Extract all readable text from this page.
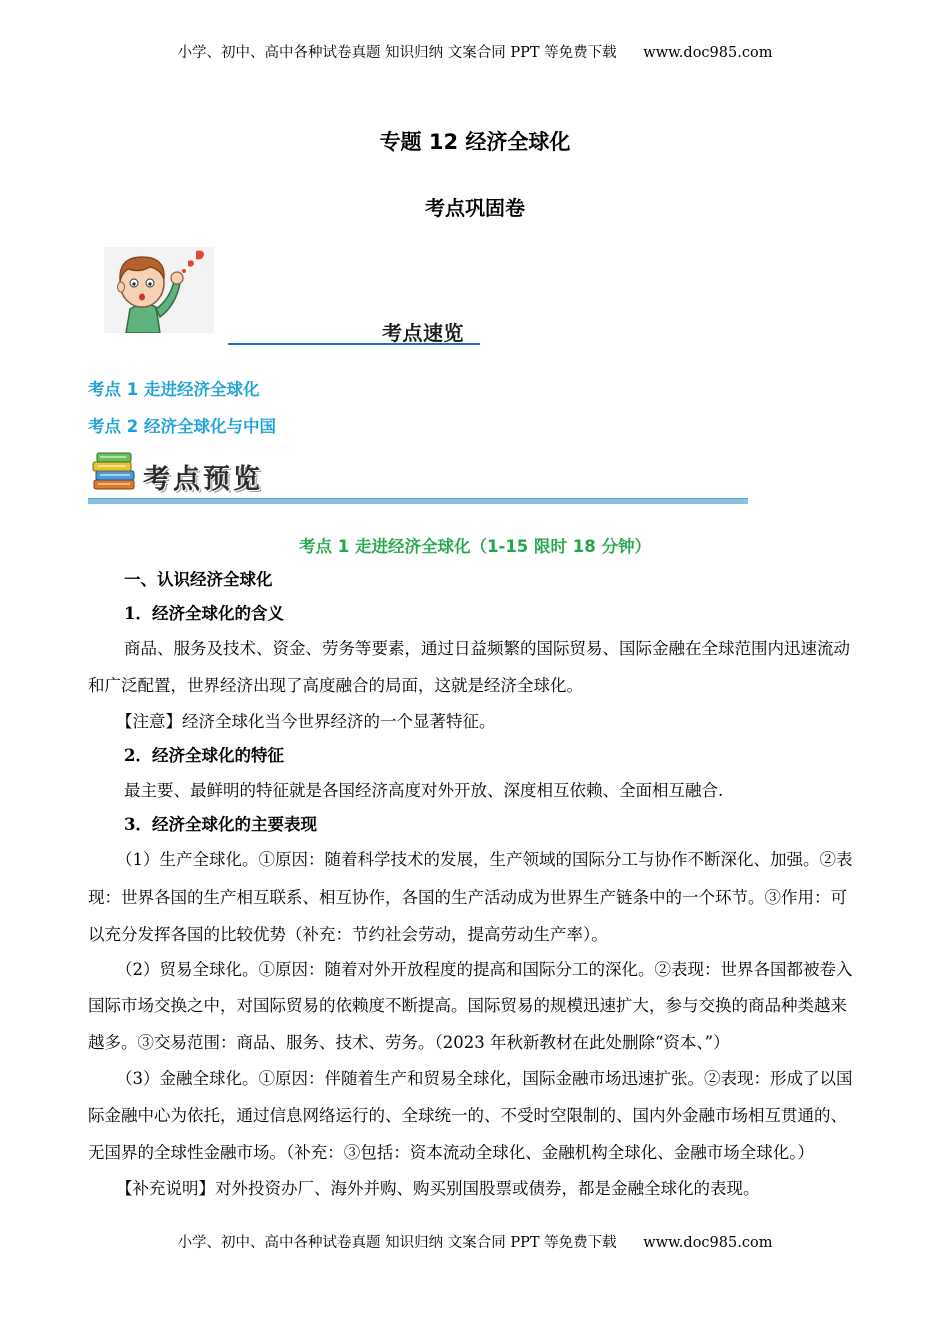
小学、初中、高中各种试卷真题 知识归纳 文案合同 PPT 等免费下载 www.doc985.com
专题 12 经济全球化
考点巩固卷
考点速览
考点 1 走进经济全球化
考点 2 经济全球化与中国
考点预览
考点 1 走进经济全球化（1-15 限时 18 分钟）
一、认识经济全球化
1．经济全球化的含义
商品、服务及技术、资金、劳务等要素，通过日益频繁的国际贸易、国际金融在全球范围内迅速流动
和广泛配置，世界经济出现了高度融合的局面，这就是经济全球化。
【注意】经济全球化当今世界经济的一个显著特征。
2．经济全球化的特征
最主要、最鲜明的特征就是各国经济高度对外开放、深度相互依赖、全面相互融合.
3．经济全球化的主要表现
（1）生产全球化。①原因：随着科学技术的发展，生产领域的国际分工与协作不断深化、加强。②表
现：世界各国的生产相互联系、相互协作，各国的生产活动成为世界生产链条中的一个环节。③作用：可
以充分发挥各国的比较优势（补充：节约社会劳动，提高劳动生产率）。
（2）贸易全球化。①原因：随着对外开放程度的提高和国际分工的深化。②表现：世界各国都被卷入
国际市场交换之中，对国际贸易的依赖度不断提高。国际贸易的规模迅速扩大，参与交换的商品种类越来
越多。③交易范围：商品、服务、技术、劳务。（2023 年秋新教材在此处删除“资本、”）
（3）金融全球化。①原因：伴随着生产和贸易全球化，国际金融市场迅速扩张。②表现：形成了以国
际金融中心为依托，通过信息网络运行的、全球统一的、不受时空限制的、国内外金融市场相互贯通的、
无国界的全球性金融市场。（补充：③包括：资本流动全球化、金融机构全球化、金融市场全球化。）
【补充说明】对外投资办厂、海外并购、购买别国股票或债券，都是金融全球化的表现。
小学、初中、高中各种试卷真题 知识归纳 文案合同 PPT 等免费下载 www.doc985.com
